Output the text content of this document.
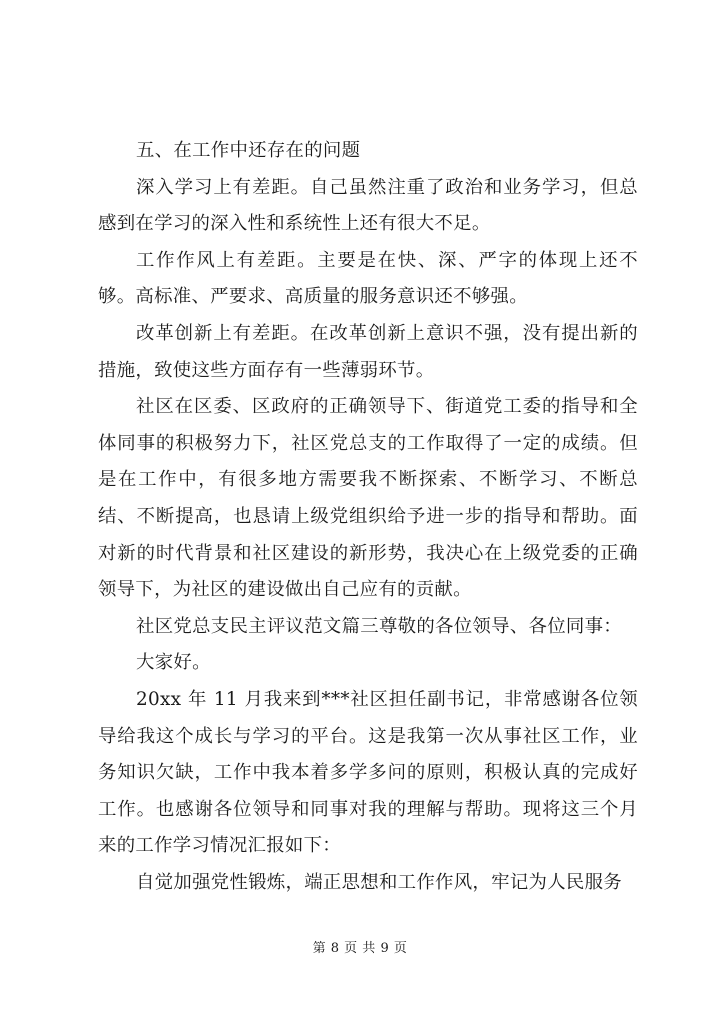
五、在工作中还存在的问题

深入学习上有差距。自己虽然注重了政治和业务学习，但总感到在学习的深入性和系统性上还有很大不足。

工作作风上有差距。主要是在快、深、严字的体现上还不够。高标准、严要求、高质量的服务意识还不够强。

改革创新上有差距。在改革创新上意识不强，没有提出新的措施，致使这些方面存有一些薄弱环节。

社区在区委、区政府的正确领导下、街道党工委的指导和全体同事的积极努力下，社区党总支的工作取得了一定的成绩。但是在工作中，有很多地方需要我不断探索、不断学习、不断总结、不断提高，也恳请上级党组织给予进一步的指导和帮助。面对新的时代背景和社区建设的新形势，我决心在上级党委的正确领导下，为社区的建设做出自己应有的贡献。

社区党总支民主评议范文篇三尊敬的各位领导、各位同事：

大家好。

20xx 年 11 月我来到***社区担任副书记，非常感谢各位领导给我这个成长与学习的平台。这是我第一次从事社区工作，业务知识欠缺，工作中我本着多学多问的原则，积极认真的完成好工作。也感谢各位领导和同事对我的理解与帮助。现将这三个月来的工作学习情况汇报如下：

自觉加强党性锻炼，端正思想和工作作风，牢记为人民服务

第 8 页 共 9 页
